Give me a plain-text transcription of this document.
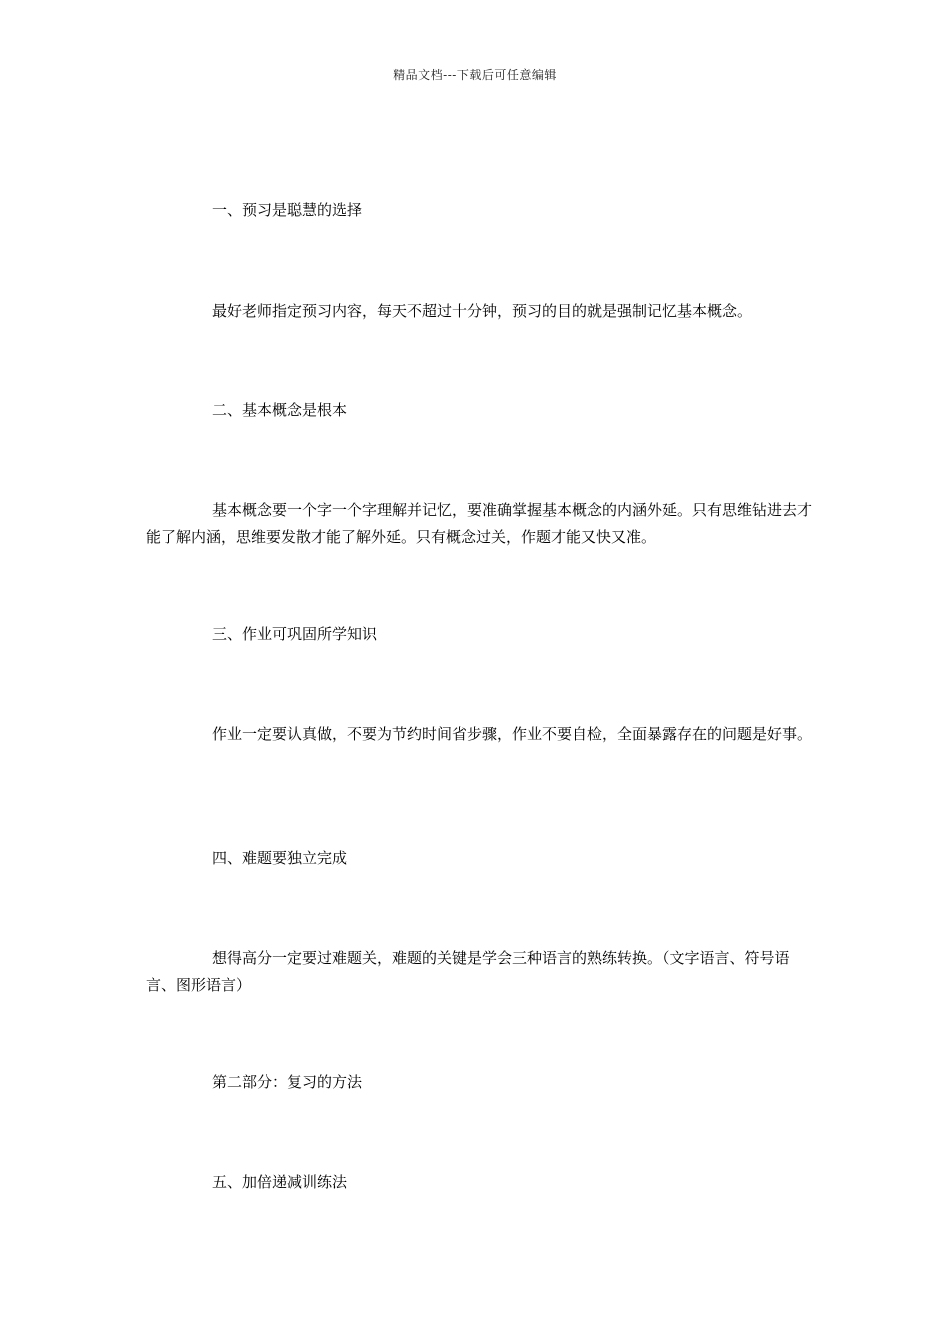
精品文档---下载后可任意编辑

一、预习是聪慧的选择

最好老师指定预习内容，每天不超过十分钟，预习的目的就是强制记忆基本概念。

二、基本概念是根本

基本概念要一个字一个字理解并记忆，要准确掌握基本概念的内涵外延。只有思维钻进去才能了解内涵，思维要发散才能了解外延。只有概念过关，作题才能又快又准。

三、作业可巩固所学知识

作业一定要认真做，不要为节约时间省步骤，作业不要自检，全面暴露存在的问题是好事。

四、难题要独立完成

想得高分一定要过难题关，难题的关键是学会三种语言的熟练转换。（文字语言、符号语言、图形语言）

第二部分：复习的方法

五、加倍递减训练法
